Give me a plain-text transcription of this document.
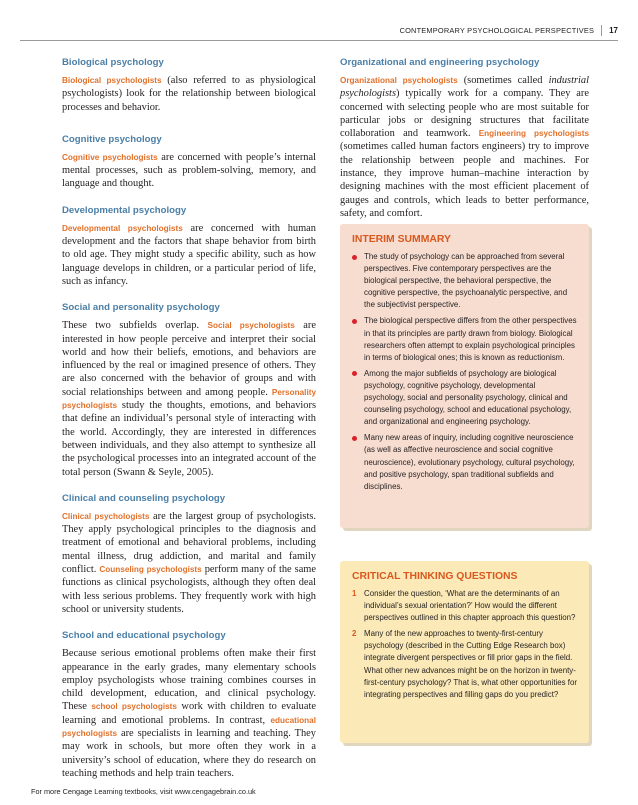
CONTEMPORARY PSYCHOLOGICAL PERSPECTIVES 17
Biological psychology

Biological psychologists (also referred to as physiological psychologists) look for the relationship between biological processes and behavior.

Cognitive psychology

Cognitive psychologists are concerned with people’s internal mental processes, such as problem-solving, memory, and language and thought.

Developmental psychology

Developmental psychologists are concerned with human development and the factors that shape behavior from birth to old age. They might study a specific ability, such as how language develops in children, or a particular period of life, such as infancy.

Social and personality psychology

These two subfields overlap. Social psychologists are interested in how people perceive and interpret their social world and how their beliefs, emotions, and behaviors are influenced by the real or imagined presence of others. They are also concerned with the behavior of groups and with social relationships between and among people. Personality psychologists study the thoughts, emotions, and behaviors that define an individual’s personal style of interacting with the world. Accordingly, they are interested in differences between individuals, and they also attempt to synthesize all the psychological processes into an integrated account of the total person (Swann & Seyle, 2005).

Clinical and counseling psychology

Clinical psychologists are the largest group of psychologists. They apply psychological principles to the diagnosis and treatment of emotional and behavioral problems, including mental illness, drug addiction, and marital and family conflict. Counseling psychologists perform many of the same functions as clinical psychologists, although they often deal with less serious problems. They frequently work with high school or university students.

School and educational psychology

Because serious emotional problems often make their first appearance in the early grades, many elementary schools employ psychologists whose training combines courses in child development, education, and clinical psychology. These school psychologists work with children to evaluate learning and emotional problems. In contrast, educational psychologists are specialists in learning and teaching. They may work in schools, but more often they work in a university’s school of education, where they do research on teaching methods and help train teachers.

Organizational and engineering psychology

Organizational psychologists (sometimes called industrial psychologists) typically work for a company. They are concerned with selecting people who are most suitable for particular jobs or designing structures that facilitate collaboration and teamwork. Engineering psychologists (sometimes called human factors engineers) try to improve the relationship between people and machines. For instance, they improve human–machine interaction by designing machines with the most efficient placement of gauges and controls, which leads to better performance, safety, and comfort.

INTERIM SUMMARY
The study of psychology can be approached from several perspectives. Five contemporary perspectives are the biological perspective, the behavioral perspective, the cognitive perspective, the psychoanalytic perspective, and the subjectivist perspective.
The biological perspective differs from the other perspectives in that its principles are partly drawn from biology. Biological researchers often attempt to explain psychological principles in terms of biological ones; this is known as reductionism.
Among the major subfields of psychology are biological psychology, cognitive psychology, developmental psychology, social and personality psychology, clinical and counseling psychology, school and educational psychology, and organizational and engineering psychology.
Many new areas of inquiry, including cognitive neuroscience (as well as affective neuroscience and social cognitive neuroscience), evolutionary psychology, cultural psychology, and positive psychology, span traditional subfields and disciplines.
CRITICAL THINKING QUESTIONS
1 Consider the question, ‘What are the determinants of an individual’s sexual orientation?’ How would the different perspectives outlined in this chapter approach this question?
2 Many of the new approaches to twenty-first-century psychology (described in the Cutting Edge Research box) integrate divergent perspectives or fill prior gaps in the field. What other new advances might be on the horizon in twenty-first-century psychology? That is, what other opportunities for integrating perspectives and filling gaps do you predict?
For more Cengage Learning textbooks, visit www.cengagebrain.co.uk
